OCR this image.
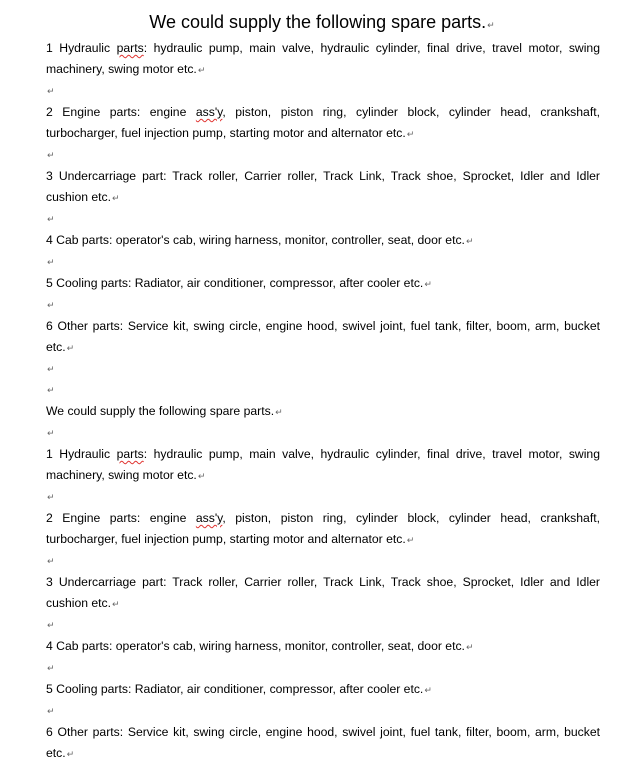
We could supply the following spare parts.↵
1 Hydraulic parts: hydraulic pump, main valve, hydraulic cylinder, final drive, travel motor, swing machinery, swing motor etc.↵
↵
2 Engine parts: engine ass'y, piston, piston ring, cylinder block, cylinder head, crankshaft, turbocharger, fuel injection pump, starting motor and alternator etc.↵
↵
3 Undercarriage part: Track roller, Carrier roller, Track Link, Track shoe, Sprocket, Idler and Idler cushion etc.↵
↵
4 Cab parts: operator's cab, wiring harness, monitor, controller, seat, door etc.↵
↵
5 Cooling parts: Radiator, air conditioner, compressor, after cooler etc.↵
↵
6 Other parts: Service kit, swing circle, engine hood, swivel joint, fuel tank, filter, boom, arm, bucket etc.↵
↵
↵
We could supply the following spare parts.↵
↵
1 Hydraulic parts: hydraulic pump, main valve, hydraulic cylinder, final drive, travel motor, swing machinery, swing motor etc.↵
↵
2 Engine parts: engine ass'y, piston, piston ring, cylinder block, cylinder head, crankshaft, turbocharger, fuel injection pump, starting motor and alternator etc.↵
↵
3 Undercarriage part: Track roller, Carrier roller, Track Link, Track shoe, Sprocket, Idler and Idler cushion etc.↵
↵
4 Cab parts: operator's cab, wiring harness, monitor, controller, seat, door etc.↵
↵
5 Cooling parts: Radiator, air conditioner, compressor, after cooler etc.↵
↵
6 Other parts: Service kit, swing circle, engine hood, swivel joint, fuel tank, filter, boom, arm, bucket etc.↵
